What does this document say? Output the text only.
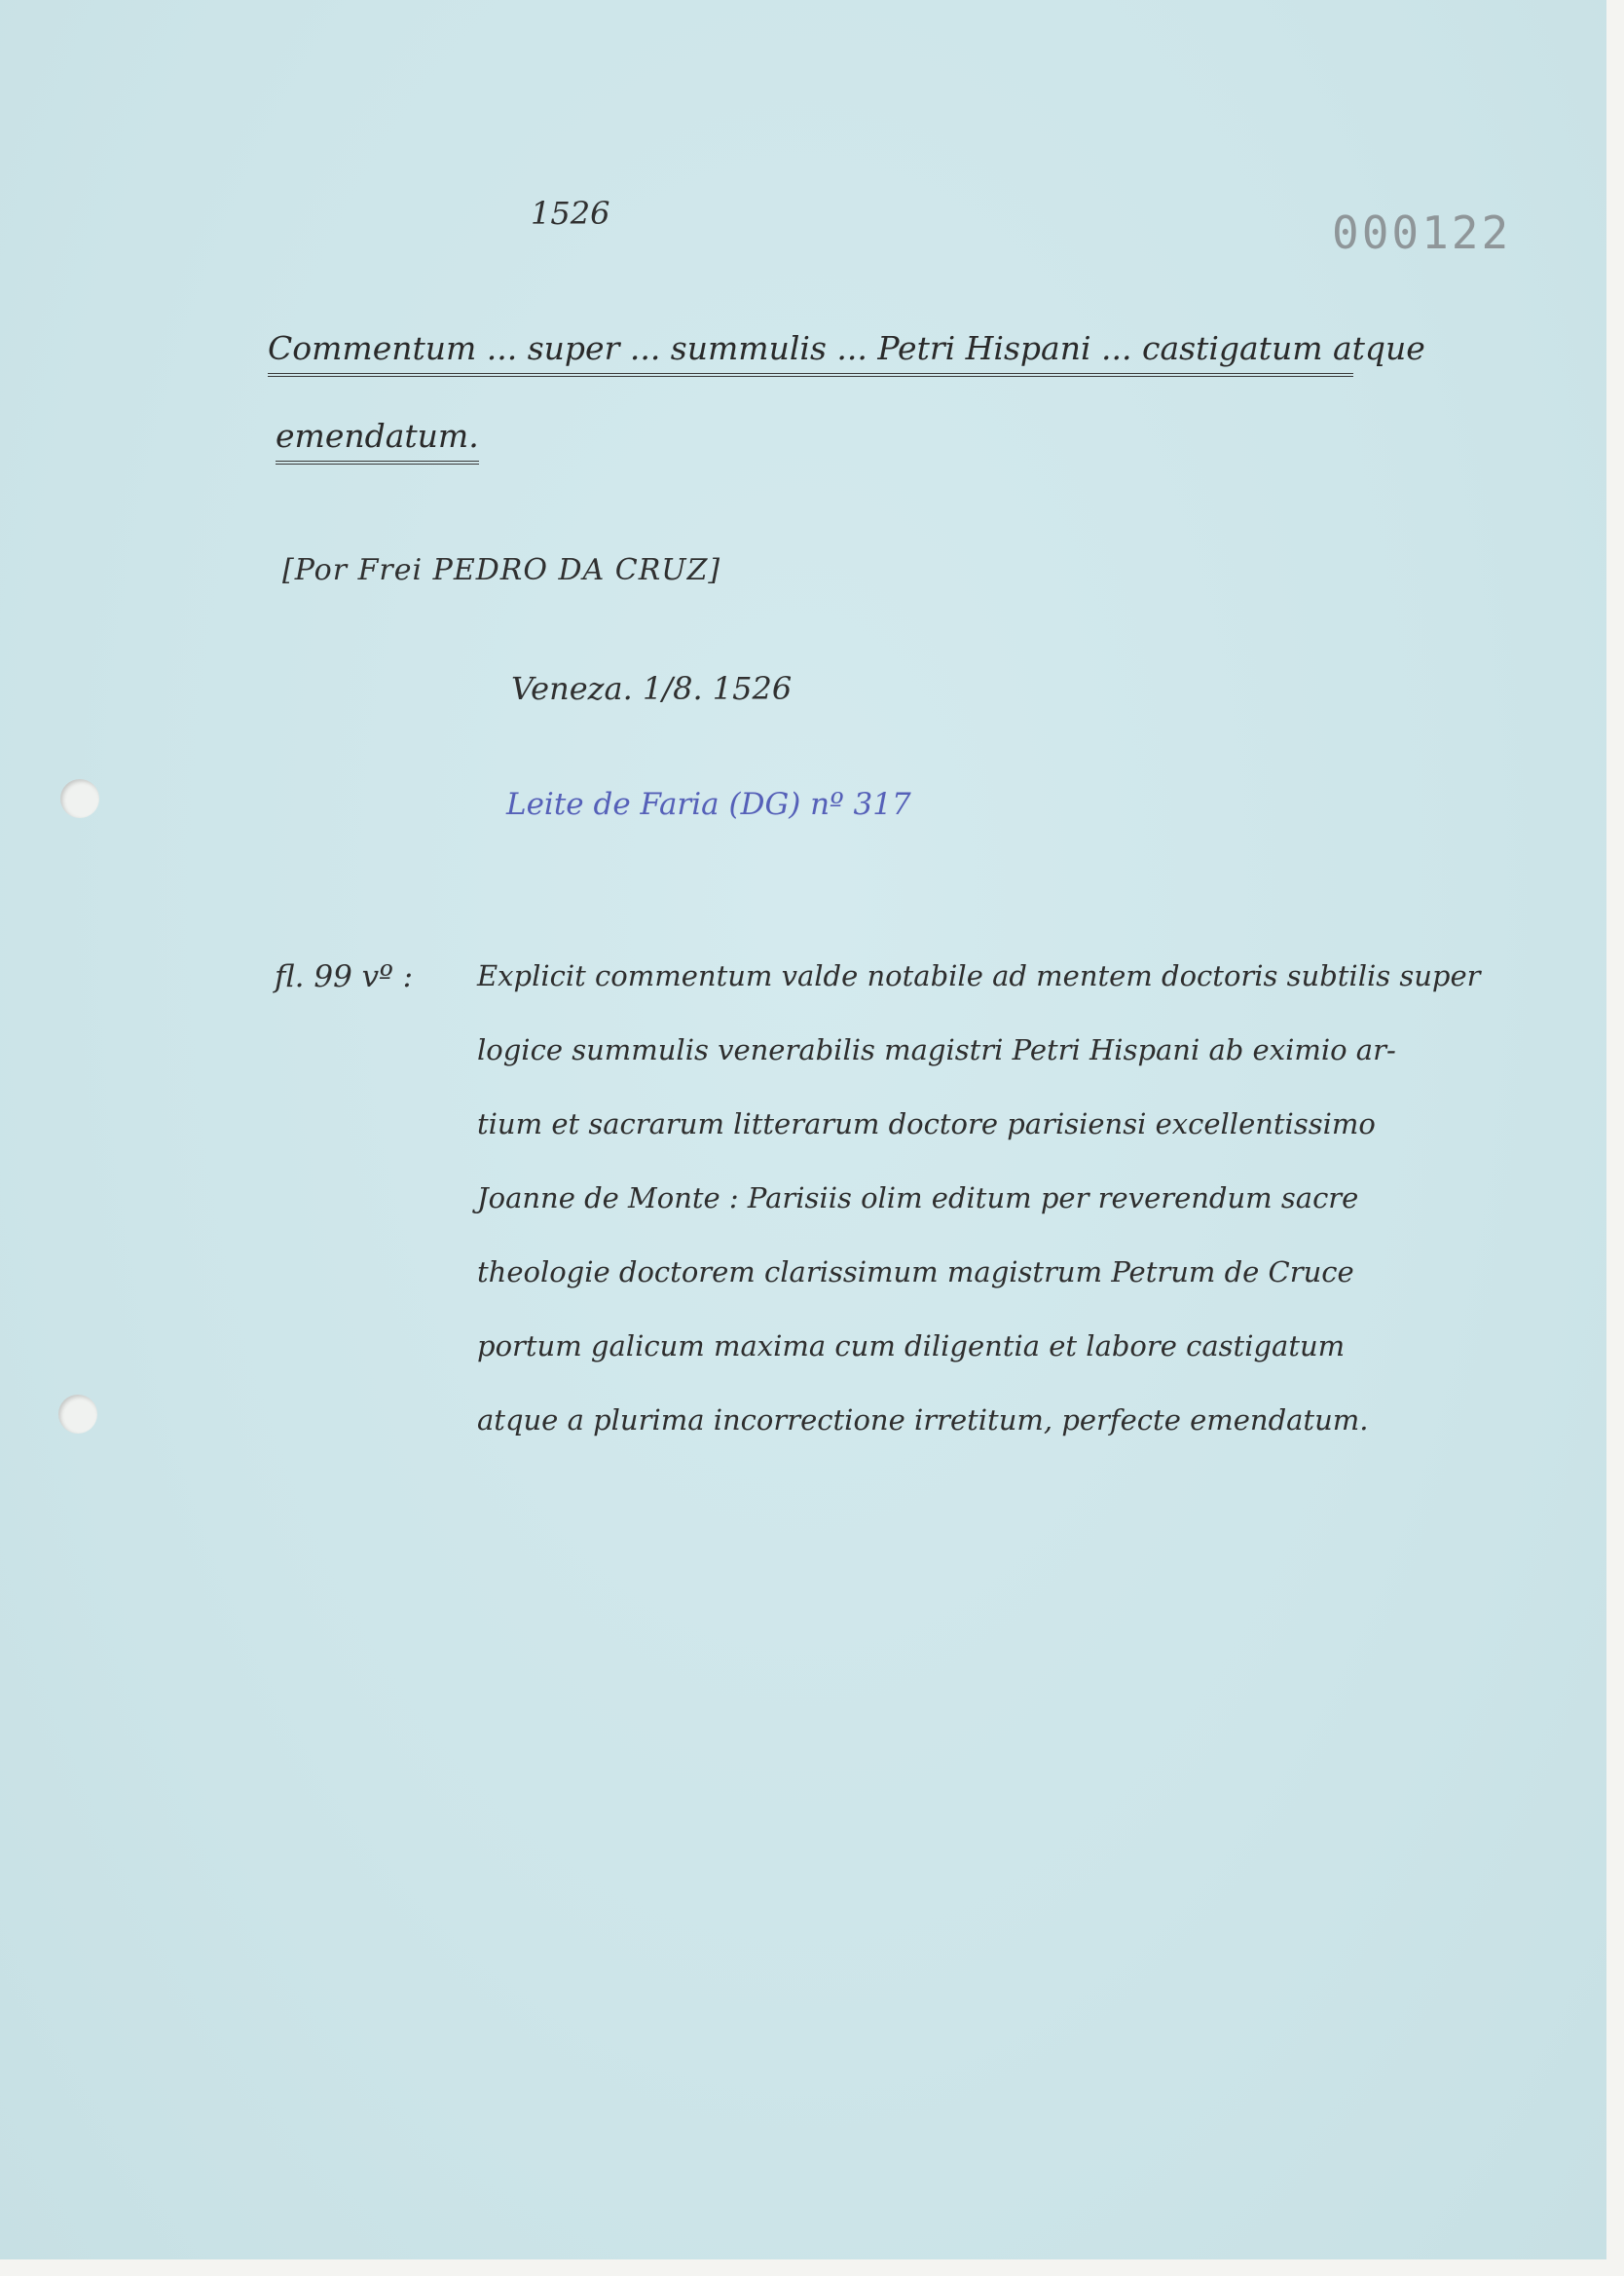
1526	000122
Commentum ... super ... summulis ... Petri Hispani ... castigatum atque
emendatum.
[Por Frei PEDRO DA CRUZ]
Veneza. 1/8. 1526
Leite de Faria (DG) nº 317
fl. 99 vº : Explicit commentum valde notabile ad mentem doctoris subtilis super
logice summulis venerabilis magistri Petri Hispani ab eximio ar-
tium et sacrarum litterarum doctore parisiensi excellentissimo
Joanne de Monte : Parisiis olim editum per reverendum sacre
theologie doctorem clarissimum magistrum Petrum de Cruce
portum galicum maxima cum diligentia et labore castigatum
atque a plurima incorrectione irretitum, perfecte emendatum.
